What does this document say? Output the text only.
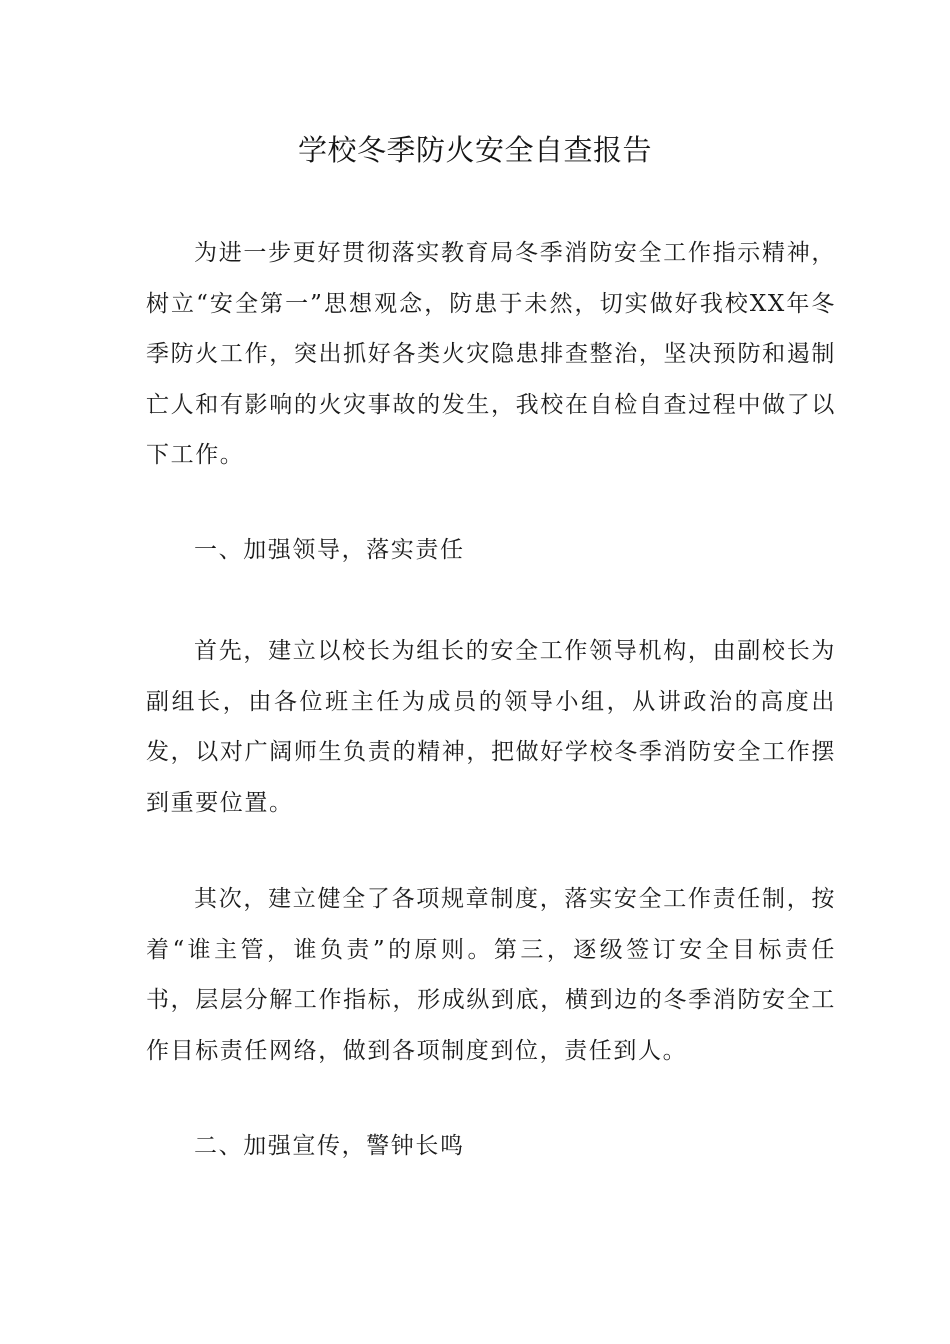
学校冬季防火安全自查报告

为进一步更好贯彻落实教育局冬季消防安全工作指示精神，树立“安全第一”思想观念，防患于未然，切实做好我校XX年冬季防火工作，突出抓好各类火灾隐患排查整治，坚决预防和遏制亡人和有影响的火灾事故的发生，我校在自检自查过程中做了以下工作。

一、加强领导，落实责任

首先，建立以校长为组长的安全工作领导机构，由副校长为副组长，由各位班主任为成员的领导小组，从讲政治的高度出发，以对广阔师生负责的精神，把做好学校冬季消防安全工作摆到重要位置。

其次，建立健全了各项规章制度，落实安全工作责任制，按着“谁主管，谁负责”的原则。第三，逐级签订安全目标责任书，层层分解工作指标，形成纵到底，横到边的冬季消防安全工作目标责任网络，做到各项制度到位，责任到人。

二、加强宣传，警钟长鸣
